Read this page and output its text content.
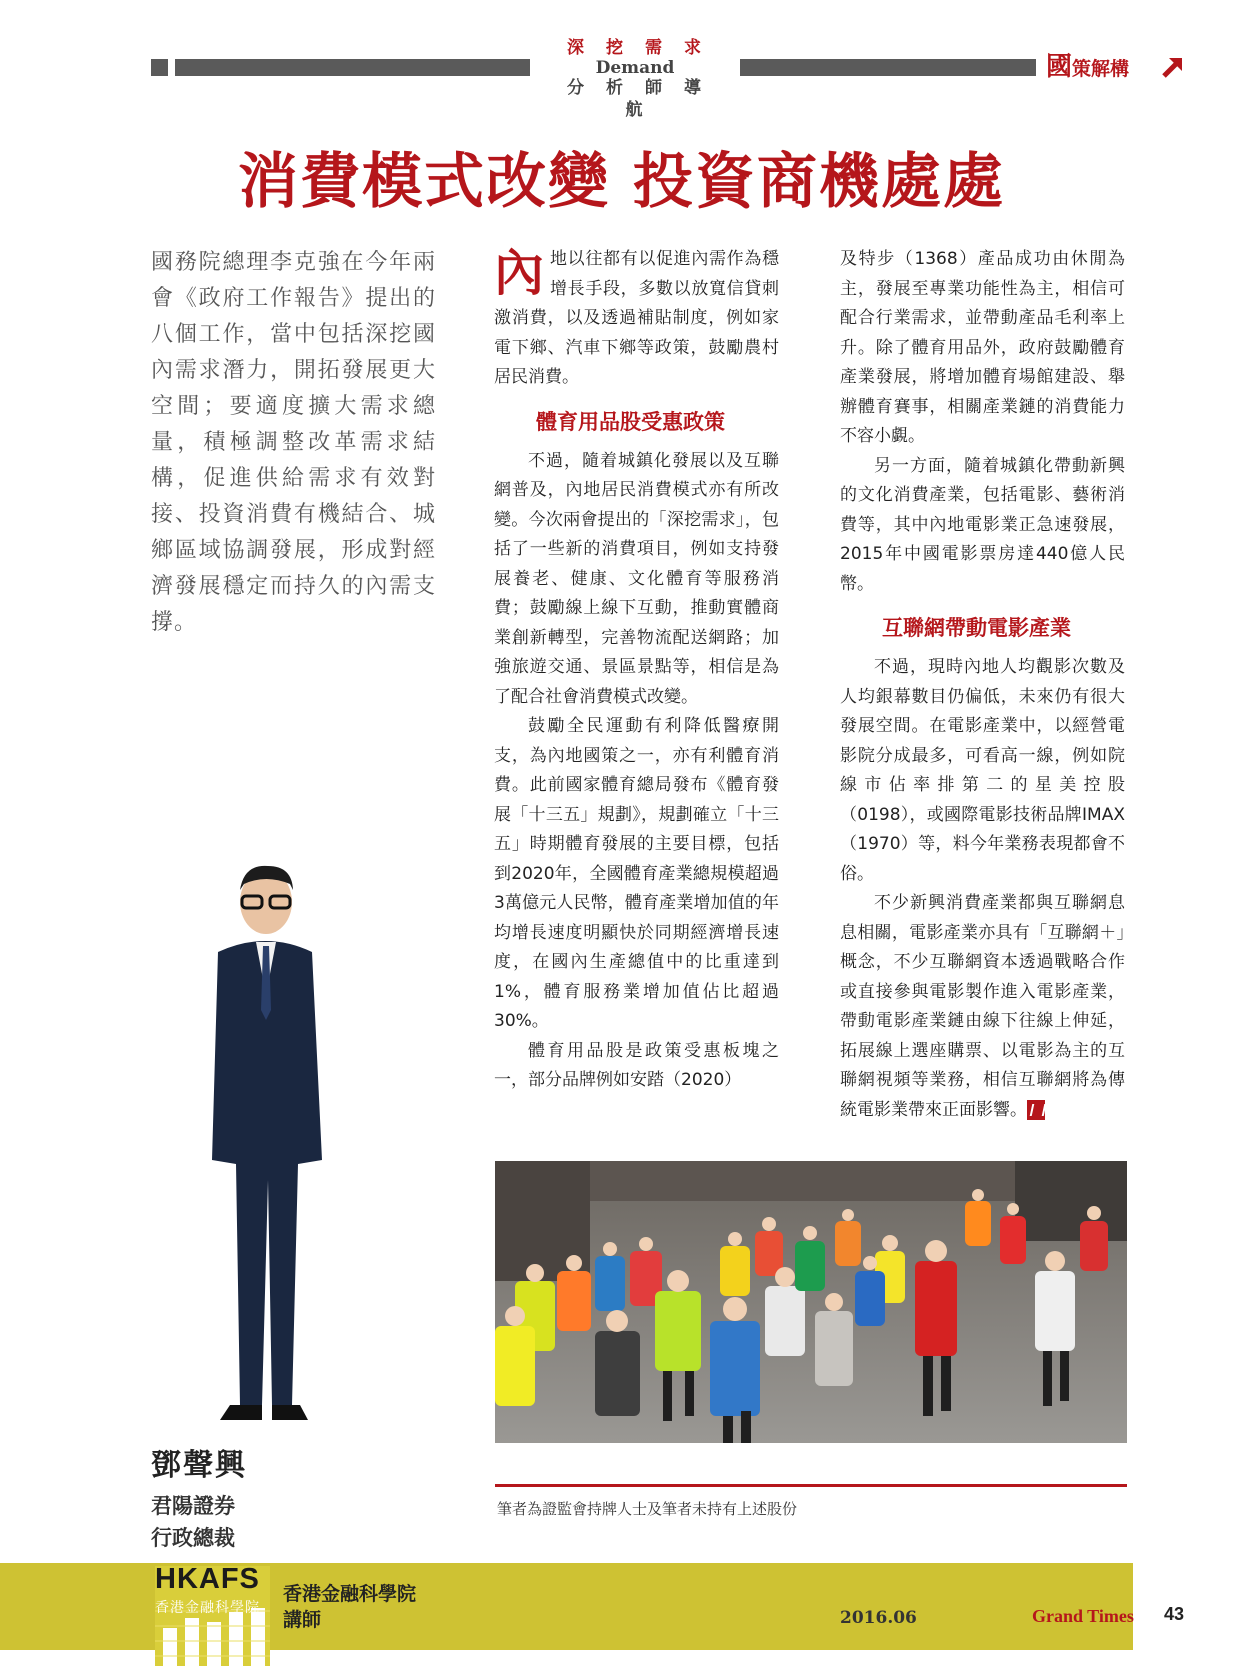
深挖需求
Demand
分析師導航
國策解構
消費模式改變 投資商機處處
國務院總理李克強在今年兩會《政府工作報告》提出的八個工作，當中包括深挖國內需求潛力，開拓發展更大空間；要適度擴大需求總量，積極調整改革需求結構，促進供給需求有效對接、投資消費有機結合、城鄉區域協調發展，形成對經濟發展穩定而持久的內需支撐。

內地以往都有以促進內需作為穩增長手段，多數以放寬信貸刺激消費，以及透過補貼制度，例如家電下鄉、汽車下鄉等政策，鼓勵農村居民消費。

體育用品股受惠政策

不過，隨着城鎮化發展以及互聯網普及，內地居民消費模式亦有所改變。今次兩會提出的「深挖需求」，包括了一些新的消費項目，例如支持發展養老、健康、文化體育等服務消費；鼓勵線上線下互動，推動實體商業創新轉型，完善物流配送網路；加強旅遊交通、景區景點等，相信是為了配合社會消費模式改變。

鼓勵全民運動有利降低醫療開支，為內地國策之一，亦有利體育消費。此前國家體育總局發布《體育發展「十三五」規劃》，規劃確立「十三五」時期體育發展的主要目標，包括到2020年，全國體育產業總規模超過3萬億元人民幣，體育產業增加值的年均增長速度明顯快於同期經濟增長速度，在國內生產總值中的比重達到1%，體育服務業增加值佔比超過30%。

體育用品股是政策受惠板塊之一，部分品牌例如安踏（2020）

及特步（1368）產品成功由休閒為主，發展至專業功能性為主，相信可配合行業需求，並帶動產品毛利率上升。除了體育用品外，政府鼓勵體育產業發展，將增加體育場館建設、舉辦體育賽事，相關產業鏈的消費能力不容小覷。

另一方面，隨着城鎮化帶動新興的文化消費產業，包括電影、藝術消費等，其中內地電影業正急速發展，2015年中國電影票房達440億人民幣。

互聯網帶動電影產業

不過，現時內地人均觀影次數及人均銀幕數目仍偏低，未來仍有很大發展空間。在電影產業中，以經營電影院分成最多，可看高一線，例如院線市佔率排第二的星美控股（0198），或國際電影技術品牌IMAX（1970）等，料今年業務表現都會不俗。

不少新興消費產業都與互聯網息息相關，電影產業亦具有「互聯網＋」概念，不少互聯網資本透過戰略合作或直接參與電影製作進入電影產業，帶動電影產業鏈由線下往線上伸延，拓展線上選座購票、以電影為主的互聯網視頻等業務，相信互聯網將為傳統電影業帶來正面影響。

筆者為證監會持牌人士及筆者未持有上述股份
鄧聲興
君陽證券
行政總裁
HKAFS
香港金融科學院
香港金融科學院
講師	2016.06	Grand Times 43
